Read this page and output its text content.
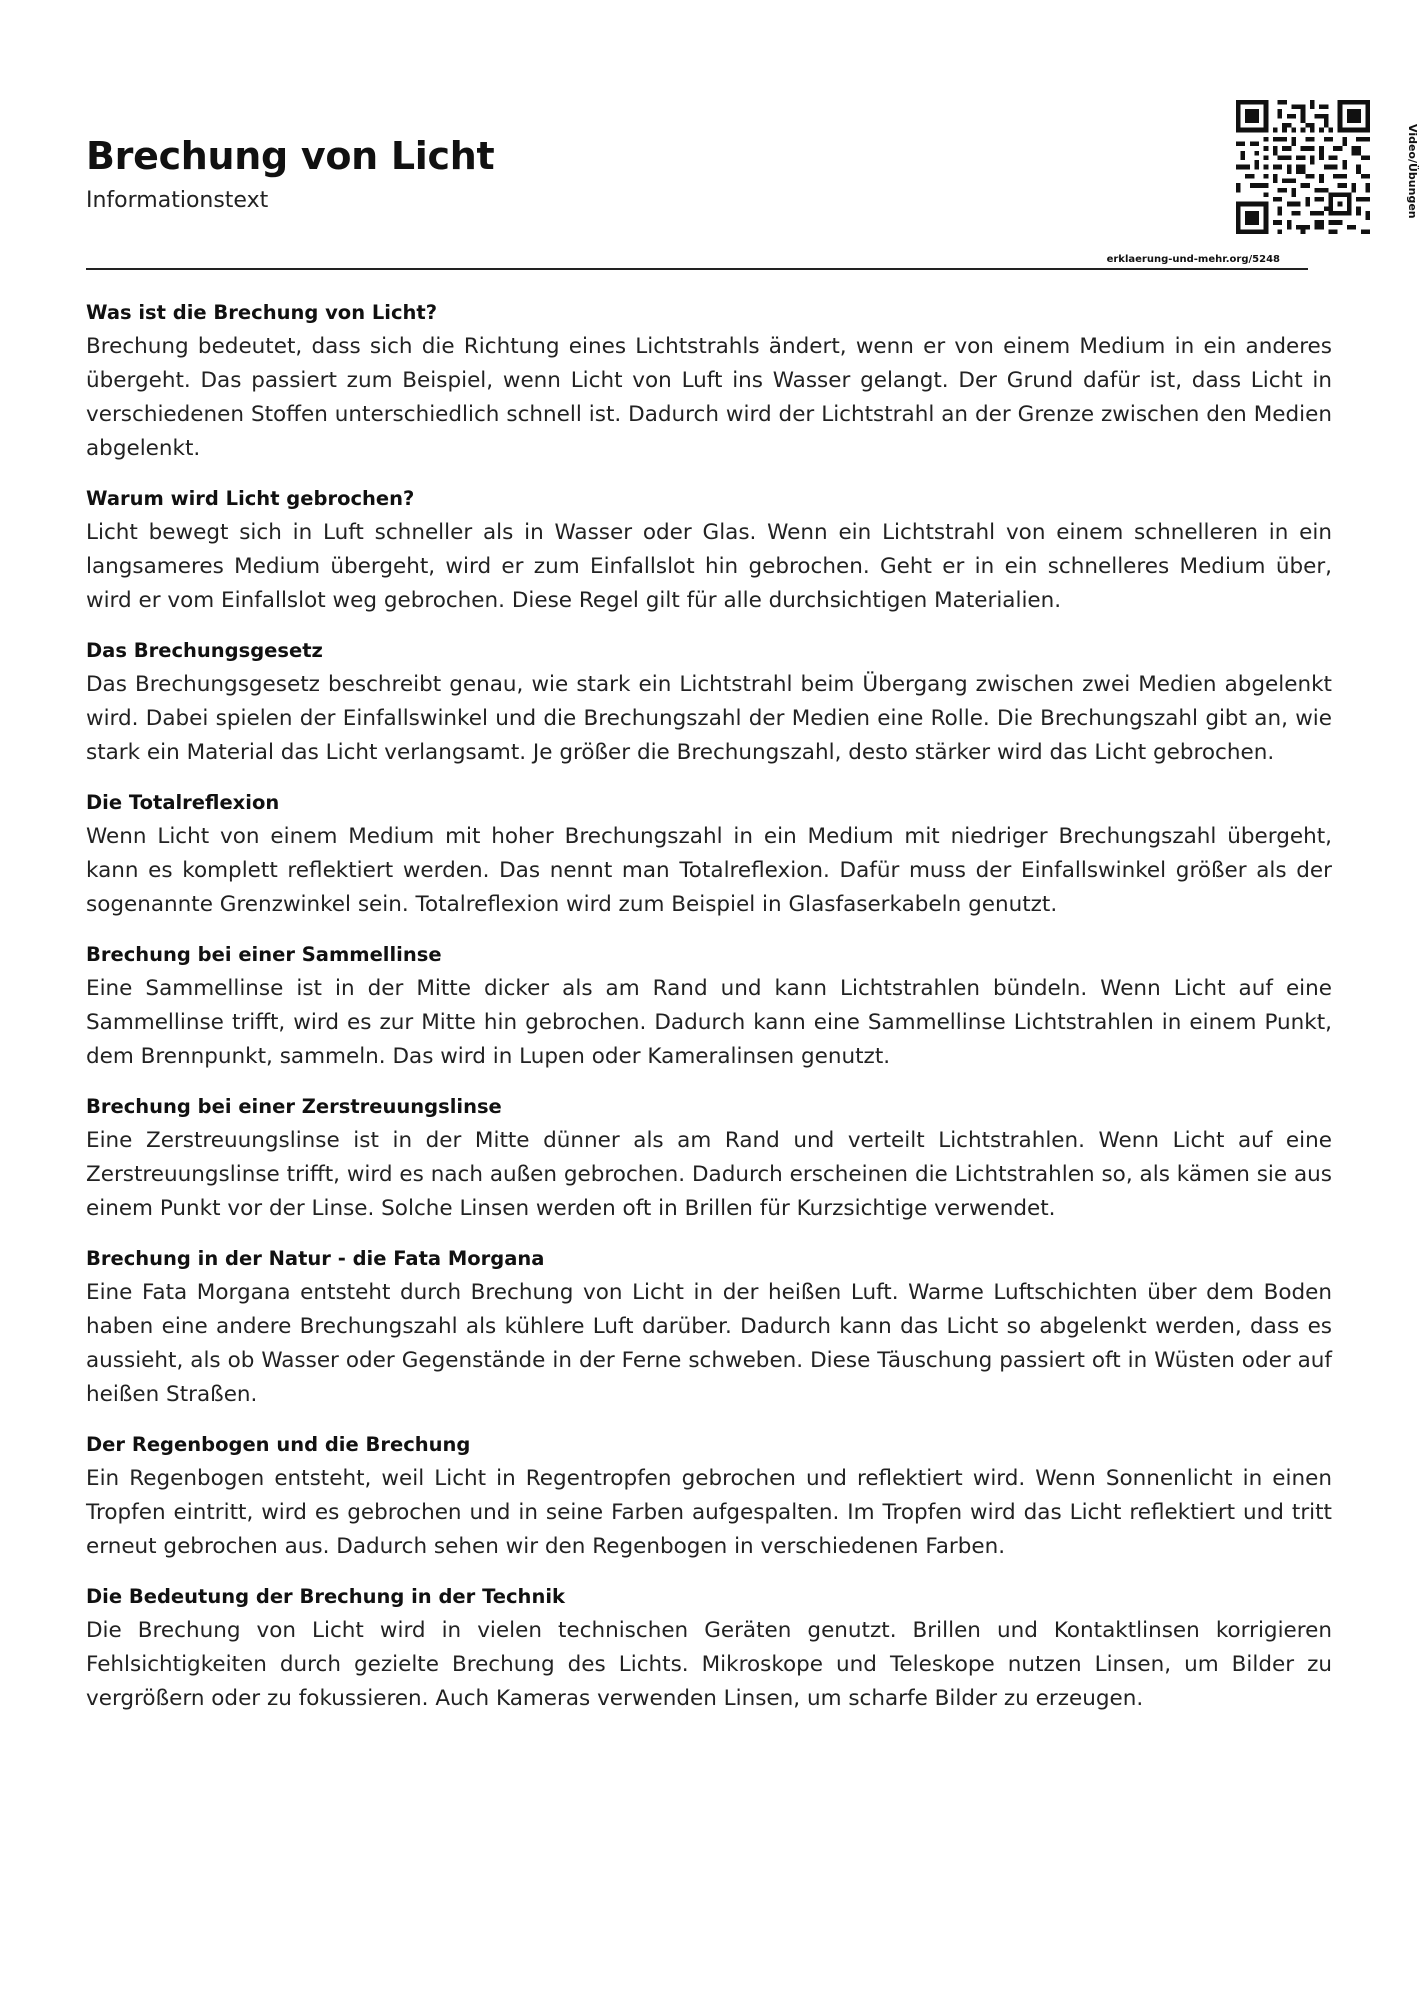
Brechung von Licht
Informationstext	Video/Übungen
erklaerung-und-mehr.org/5248
Was ist die Brechung von Licht?

Brechung bedeutet, dass sich die Richtung eines Lichtstrahls ändert, wenn er von einem Medium in ein anderes übergeht. Das passiert zum Beispiel, wenn Licht von Luft ins Wasser gelangt. Der Grund dafür ist, dass Licht in verschiedenen Stoffen unterschiedlich schnell ist. Dadurch wird der Lichtstrahl an der Grenze zwischen den Medien abgelenkt.

Warum wird Licht gebrochen?

Licht bewegt sich in Luft schneller als in Wasser oder Glas. Wenn ein Lichtstrahl von einem schnelleren in ein langsameres Medium übergeht, wird er zum Einfallslot hin gebrochen. Geht er in ein schnelleres Medium über, wird er vom Einfallslot weg gebrochen. Diese Regel gilt für alle durchsichtigen Materialien.

Das Brechungsgesetz

Das Brechungsgesetz beschreibt genau, wie stark ein Lichtstrahl beim Übergang zwischen zwei Medien abgelenkt wird. Dabei spielen der Einfallswinkel und die Brechungszahl der Medien eine Rolle. Die Brechungszahl gibt an, wie stark ein Material das Licht verlangsamt. Je größer die Brechungszahl, desto stärker wird das Licht gebrochen.

Die Totalreflexion

Wenn Licht von einem Medium mit hoher Brechungszahl in ein Medium mit niedriger Brechungszahl übergeht, kann es komplett reflektiert werden. Das nennt man Totalreflexion. Dafür muss der Einfallswinkel größer als der sogenannte Grenzwinkel sein. Totalreflexion wird zum Beispiel in Glasfaserkabeln genutzt.

Brechung bei einer Sammellinse

Eine Sammellinse ist in der Mitte dicker als am Rand und kann Lichtstrahlen bündeln. Wenn Licht auf eine Sammellinse trifft, wird es zur Mitte hin gebrochen. Dadurch kann eine Sammellinse Lichtstrahlen in einem Punkt, dem Brennpunkt, sammeln. Das wird in Lupen oder Kameralinsen genutzt.

Brechung bei einer Zerstreuungslinse

Eine Zerstreuungslinse ist in der Mitte dünner als am Rand und verteilt Lichtstrahlen. Wenn Licht auf eine Zerstreuungslinse trifft, wird es nach außen gebrochen. Dadurch erscheinen die Lichtstrahlen so, als kämen sie aus einem Punkt vor der Linse. Solche Linsen werden oft in Brillen für Kurzsichtige verwendet.

Brechung in der Natur - die Fata Morgana

Eine Fata Morgana entsteht durch Brechung von Licht in der heißen Luft. Warme Luftschichten über dem Boden haben eine andere Brechungszahl als kühlere Luft darüber. Dadurch kann das Licht so abgelenkt werden, dass es aussieht, als ob Wasser oder Gegenstände in der Ferne schweben. Diese Täuschung passiert oft in Wüsten oder auf heißen Straßen.

Der Regenbogen und die Brechung

Ein Regenbogen entsteht, weil Licht in Regentropfen gebrochen und reflektiert wird. Wenn Sonnenlicht in einen Tropfen eintritt, wird es gebrochen und in seine Farben aufgespalten. Im Tropfen wird das Licht reflektiert und tritt erneut gebrochen aus. Dadurch sehen wir den Regenbogen in verschiedenen Farben.

Die Bedeutung der Brechung in der Technik

Die Brechung von Licht wird in vielen technischen Geräten genutzt. Brillen und Kontaktlinsen korrigieren Fehlsichtigkeiten durch gezielte Brechung des Lichts. Mikroskope und Teleskope nutzen Linsen, um Bilder zu vergrößern oder zu fokussieren. Auch Kameras verwenden Linsen, um scharfe Bilder zu erzeugen.
